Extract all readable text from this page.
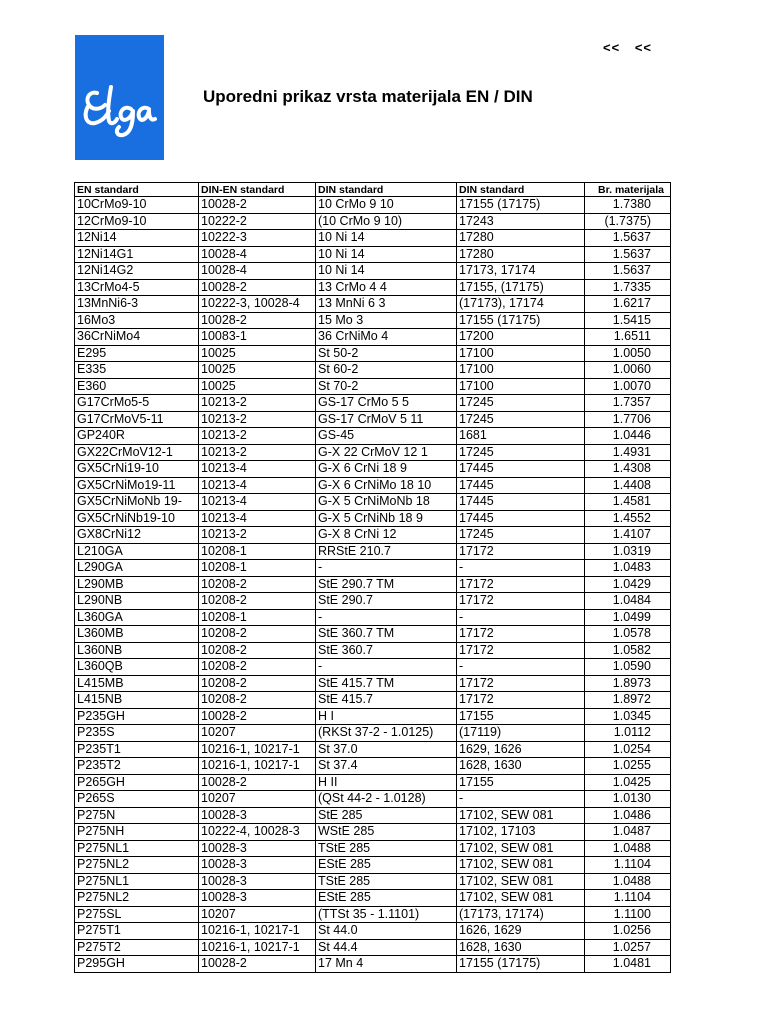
<< <<
Uporedni prikaz vrsta materijala EN / DIN
EN standard	DIN-EN standard	DIN standard	DIN standard	Br. materijala
10CrMo9-10	10028-2	10 CrMo 9 10	17155 (17175)	1.7380
12CrMo9-10	10222-2	(10 CrMo 9 10)	17243	(1.7375)
12Ni14	10222-3	10 Ni 14	17280	1.5637
12Ni14G1	10028-4	10 Ni 14	17280	1.5637
12Ni14G2	10028-4	10 Ni 14	17173, 17174	1.5637
13CrMo4-5	10028-2	13 CrMo 4 4	17155, (17175)	1.7335
13MnNi6-3	10222-3, 10028-4	13 MnNi 6 3	(17173), 17174	1.6217
16Mo3	10028-2	15 Mo 3	17155 (17175)	1.5415
36CrNiMo4	10083-1	36 CrNiMo 4	17200	1.6511
E295	10025	St 50-2	17100	1.0050
E335	10025	St 60-2	17100	1.0060
E360	10025	St 70-2	17100	1.0070
G17CrMo5-5	10213-2	GS-17 CrMo 5 5	17245	1.7357
G17CrMoV5-11	10213-2	GS-17 CrMoV 5 11	17245	1.7706
GP240R	10213-2	GS-45	1681	1.0446
GX22CrMoV12-1	10213-2	G-X 22 CrMoV 12 1	17245	1.4931
GX5CrNi19-10	10213-4	G-X 6 CrNi 18 9	17445	1.4308
GX5CrNiMo19-11	10213-4	G-X 6 CrNiMo 18 10	17445	1.4408
GX5CrNiMoNb 19-	10213-4	G-X 5 CrNiMoNb 18	17445	1.4581
GX5CrNiNb19-10	10213-4	G-X 5 CrNiNb 18 9	17445	1.4552
GX8CrNi12	10213-2	G-X 8 CrNi 12	17245	1.4107
L210GA	10208-1	RRStE 210.7	17172	1.0319
L290GA	10208-1	-	-	1.0483
L290MB	10208-2	StE 290.7 TM	17172	1.0429
L290NB	10208-2	StE 290.7	17172	1.0484
L360GA	10208-1	-	-	1.0499
L360MB	10208-2	StE 360.7 TM	17172	1.0578
L360NB	10208-2	StE 360.7	17172	1.0582
L360QB	10208-2	-	-	1.0590
L415MB	10208-2	StE 415.7 TM	17172	1.8973
L415NB	10208-2	StE 415.7	17172	1.8972
P235GH	10028-2	H I	17155	1.0345
P235S	10207	(RKSt 37-2 - 1.0125)	(17119)	1.0112
P235T1	10216-1, 10217-1	St 37.0	1629, 1626	1.0254
P235T2	10216-1, 10217-1	St 37.4	1628, 1630	1.0255
P265GH	10028-2	H II	17155	1.0425
P265S	10207	(QSt 44-2 - 1.0128)	-	1.0130
P275N	10028-3	StE 285	17102, SEW 081	1.0486
P275NH	10222-4, 10028-3	WStE 285	17102, 17103	1.0487
P275NL1	10028-3	TStE 285	17102, SEW 081	1.0488
P275NL2	10028-3	EStE 285	17102, SEW 081	1.1104
P275NL1	10028-3	TStE 285	17102, SEW 081	1.0488
P275NL2	10028-3	EStE 285	17102, SEW 081	1.1104
P275SL	10207	(TTSt 35 - 1.1101)	(17173, 17174)	1.1100
P275T1	10216-1, 10217-1	St 44.0	1626, 1629	1.0256
P275T2	10216-1, 10217-1	St 44.4	1628, 1630	1.0257
P295GH	10028-2	17 Mn 4	17155 (17175)	1.0481
